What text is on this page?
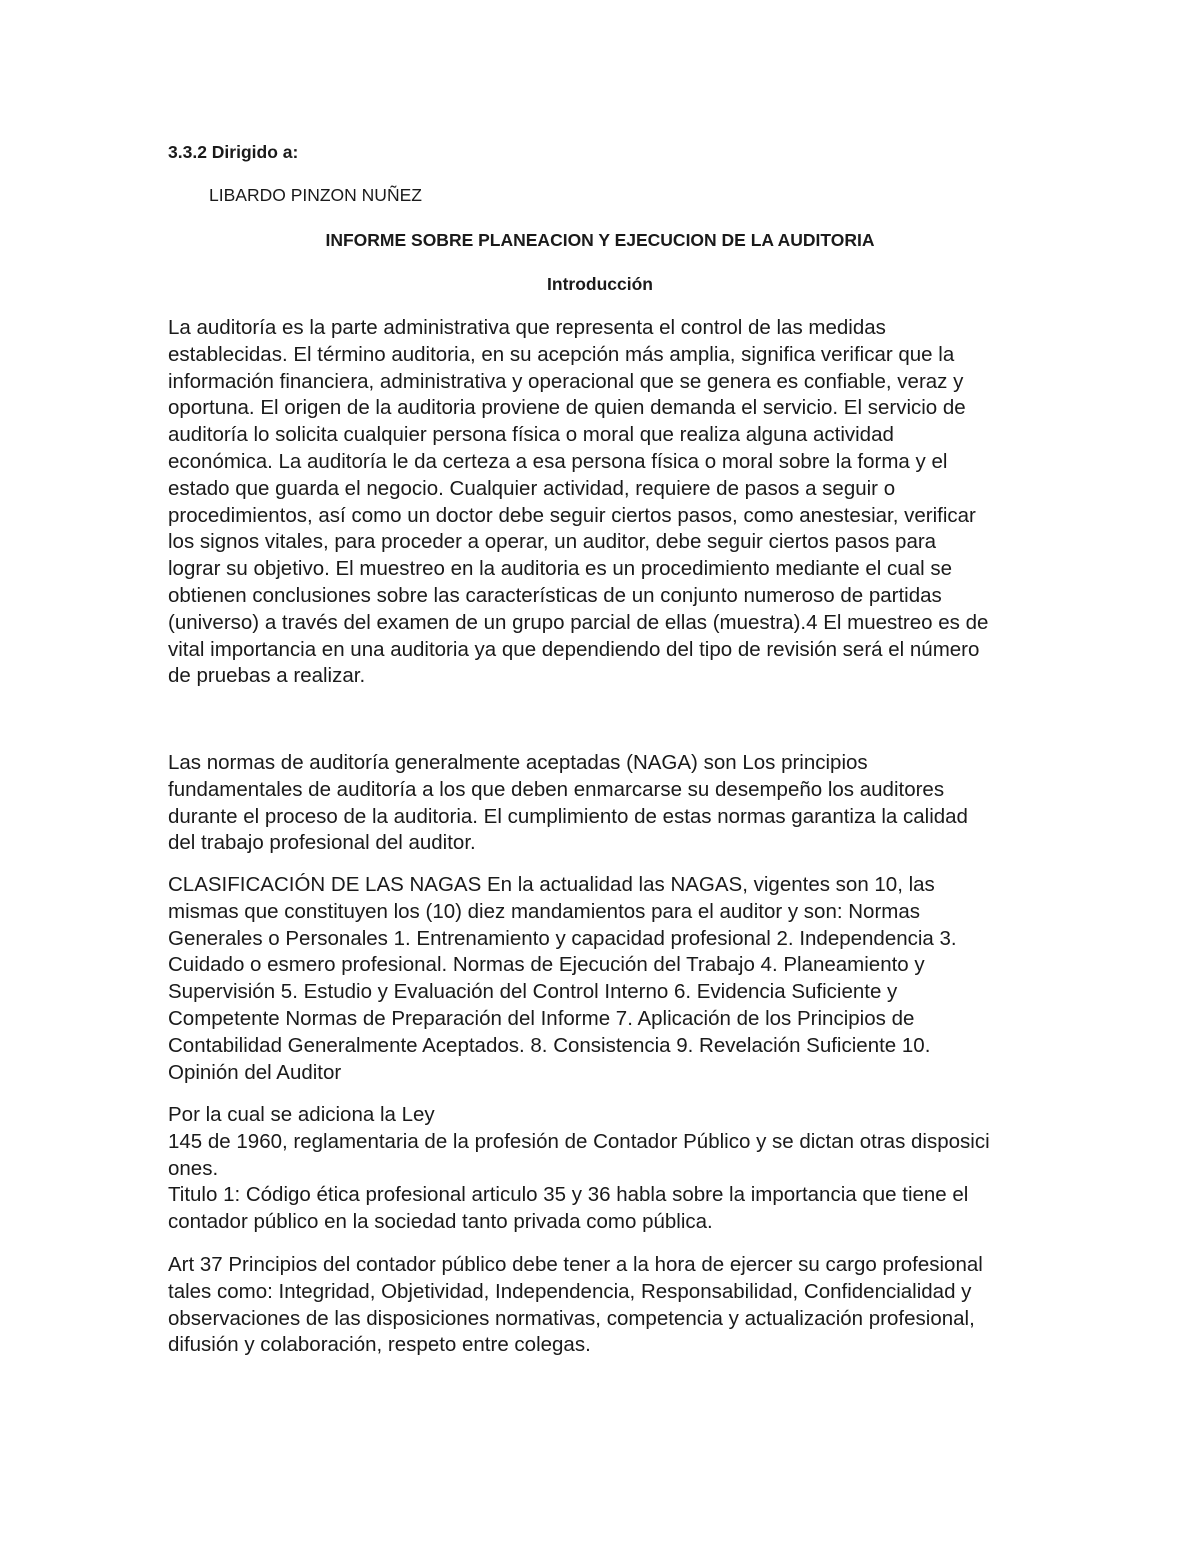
3.3.2 Dirigido a:

LIBARDO PINZON NUÑEZ

INFORME SOBRE PLANEACION Y EJECUCION DE LA AUDITORIA

Introducción

La auditoría es la parte administrativa que representa el control de las medidas
establecidas. El término auditoria, en su acepción más amplia, significa verificar que la
información financiera, administrativa y operacional que se genera es confiable, veraz y
oportuna. El origen de la auditoria proviene de quien demanda el servicio. El servicio de
auditoría lo solicita cualquier persona física o moral que realiza alguna actividad
económica. La auditoría le da certeza a esa persona física o moral sobre la forma y el
estado que guarda el negocio. Cualquier actividad, requiere de pasos a seguir o
procedimientos, así como un doctor debe seguir ciertos pasos, como anestesiar, verificar
los signos vitales, para proceder a operar, un auditor, debe seguir ciertos pasos para
lograr su objetivo. El muestreo en la auditoria es un procedimiento mediante el cual se
obtienen conclusiones sobre las características de un conjunto numeroso de partidas
(universo) a través del examen de un grupo parcial de ellas (muestra).4 El muestreo es de
vital importancia en una auditoria ya que dependiendo del tipo de revisión será el número
de pruebas a realizar.

Las normas de auditoría generalmente aceptadas (NAGA) son Los principios
fundamentales de auditoría a los que deben enmarcarse su desempeño los auditores
durante el proceso de la auditoria. El cumplimiento de estas normas garantiza la calidad
del trabajo profesional del auditor.

CLASIFICACIÓN DE LAS NAGAS En la actualidad las NAGAS, vigentes son 10, las
mismas que constituyen los (10) diez mandamientos para el auditor y son: Normas
Generales o Personales 1. Entrenamiento y capacidad profesional 2. Independencia 3.
Cuidado o esmero profesional. Normas de Ejecución del Trabajo 4. Planeamiento y
Supervisión 5. Estudio y Evaluación del Control Interno 6. Evidencia Suficiente y
Competente Normas de Preparación del Informe 7. Aplicación de los Principios de
Contabilidad Generalmente Aceptados. 8. Consistencia 9. Revelación Suficiente 10.
Opinión del Auditor

Por la cual se adiciona la Ley
145 de 1960, reglamentaria de la profesión de Contador Público y se dictan otras disposici
ones.
Titulo 1: Código ética profesional articulo 35 y 36 habla sobre la importancia que tiene el
contador público en la sociedad tanto privada como pública.

Art 37 Principios del contador público debe tener a la hora de ejercer su cargo profesional
tales como: Integridad, Objetividad, Independencia, Responsabilidad, Confidencialidad y
observaciones de las disposiciones normativas, competencia y actualización profesional,
difusión y colaboración, respeto entre colegas.
